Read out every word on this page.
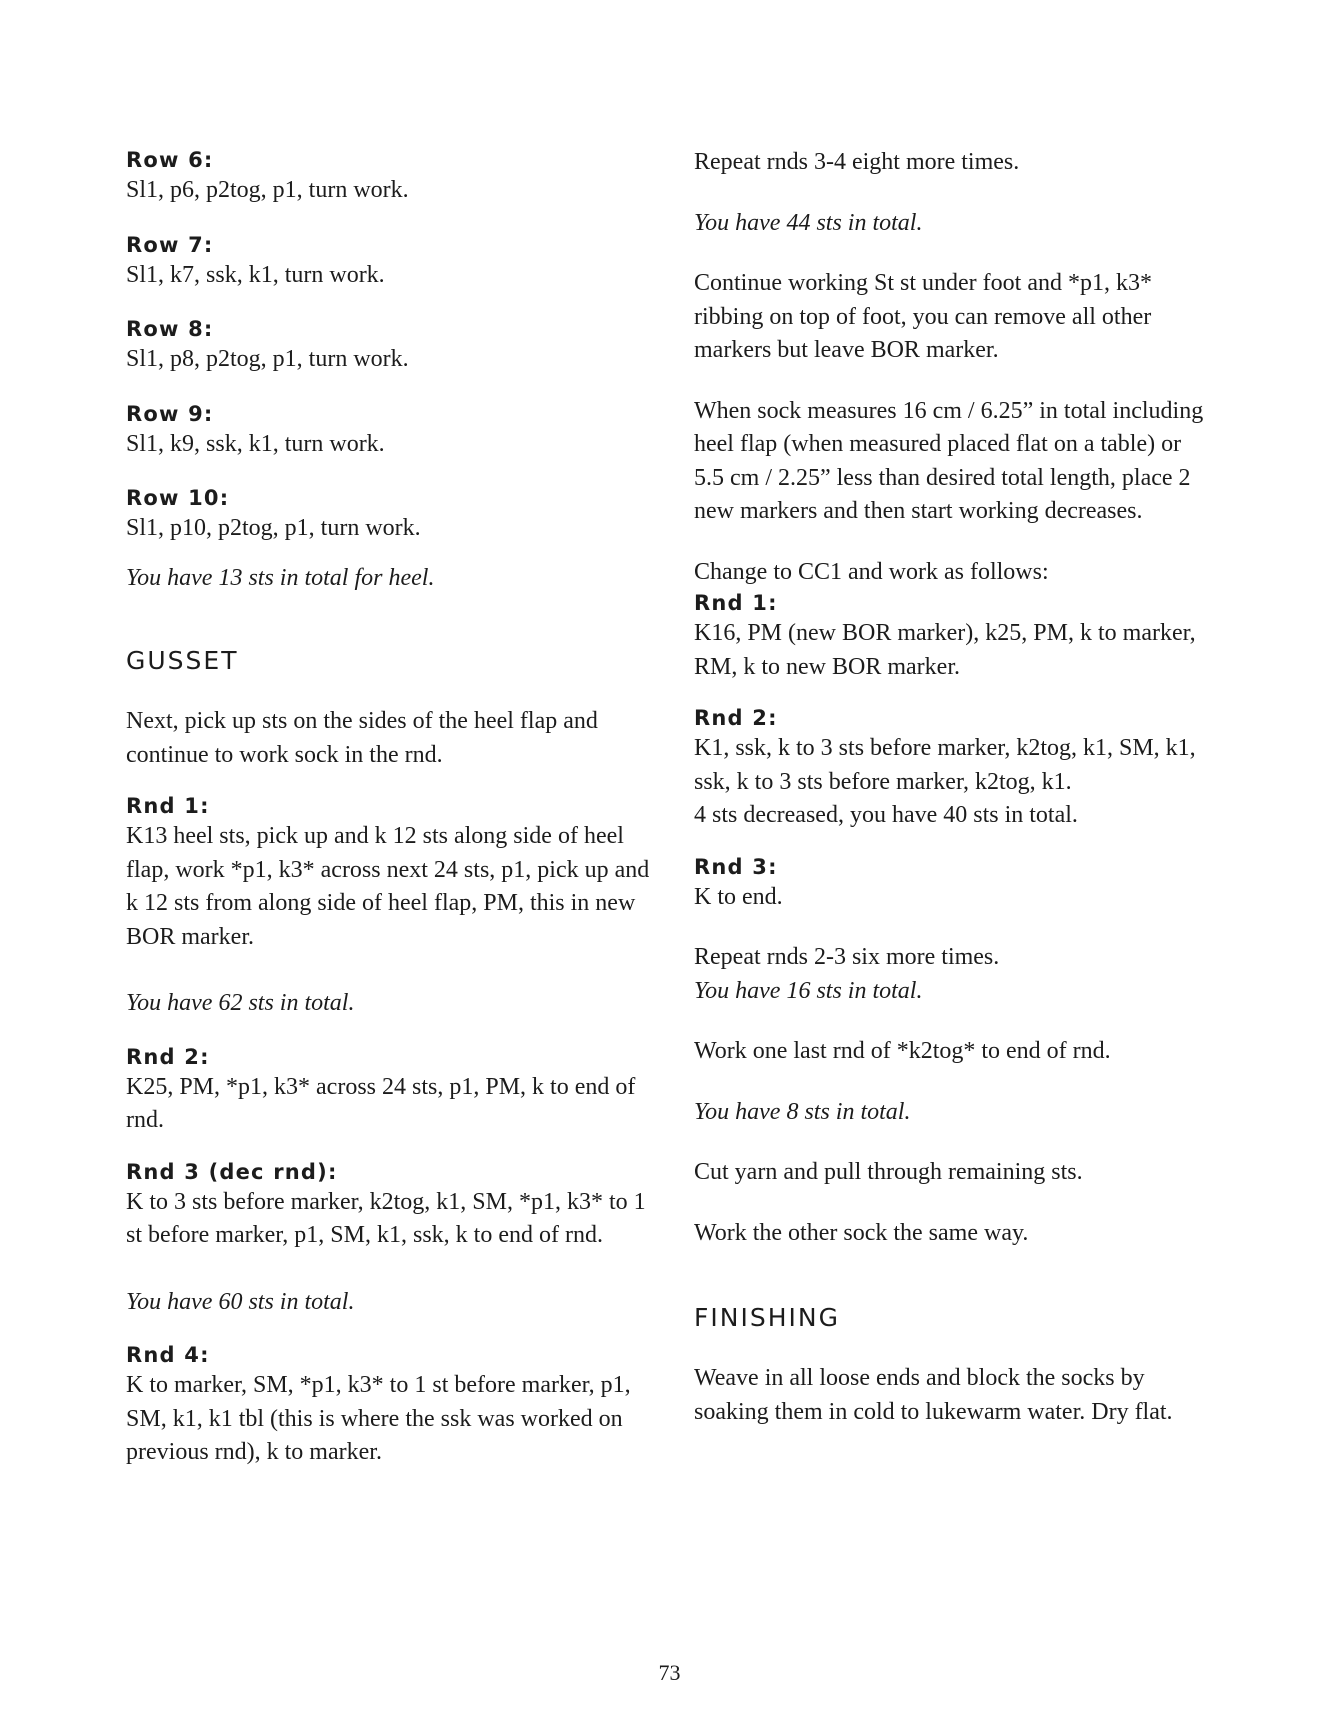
Row 6:

Sl1, p6, p2tog, p1, turn work.

Row 7:

Sl1, k7, ssk, k1, turn work.

Row 8:

Sl1, p8, p2tog, p1, turn work.

Row 9:

Sl1, k9, ssk, k1, turn work.

Row 10:

Sl1, p10, p2tog, p1, turn work.

You have 13 sts in total for heel.

GUSSET

Next, pick up sts on the sides of the heel flap and continue to work sock in the rnd.

Rnd 1:

K13 heel sts, pick up and k 12 sts along side of heel flap, work *p1, k3* across next 24 sts, p1, pick up and k 12 sts from along side of heel flap, PM, this in new BOR marker.

You have 62 sts in total.

Rnd 2:

K25, PM, *p1, k3* across 24 sts, p1, PM, k to end of rnd.

Rnd 3 (dec rnd):

K to 3 sts before marker, k2tog, k1, SM, *p1, k3* to 1 st before marker, p1, SM, k1, ssk, k to end of rnd.

You have 60 sts in total.

Rnd 4:

K to marker, SM, *p1, k3* to 1 st before marker, p1, SM, k1, k1 tbl (this is where the ssk was worked on previous rnd), k to marker.

Repeat rnds 3-4 eight more times.

You have 44 sts in total.

Continue working St st under foot and *p1, k3* ribbing on top of foot, you can remove all other markers but leave BOR marker.

When sock measures 16 cm / 6.25” in total including heel flap (when measured placed flat on a table) or 5.5 cm / 2.25” less than desired total length, place 2 new markers and then start working decreases.

Change to CC1 and work as follows:

Rnd 1:

K16, PM (new BOR marker), k25, PM, k to marker, RM, k to new BOR marker.

Rnd 2:

K1, ssk, k to 3 sts before marker, k2tog, k1, SM, k1, ssk, k to 3 sts before marker, k2tog, k1.

4 sts decreased, you have 40 sts in total.

Rnd 3:

K to end.

Repeat rnds 2-3 six more times.

You have 16 sts in total.

Work one last rnd of *k2tog* to end of rnd.

You have 8 sts in total.

Cut yarn and pull through remaining sts.

Work the other sock the same way.

FINISHING

Weave in all loose ends and block the socks by soaking them in cold to lukewarm water. Dry flat.

73
